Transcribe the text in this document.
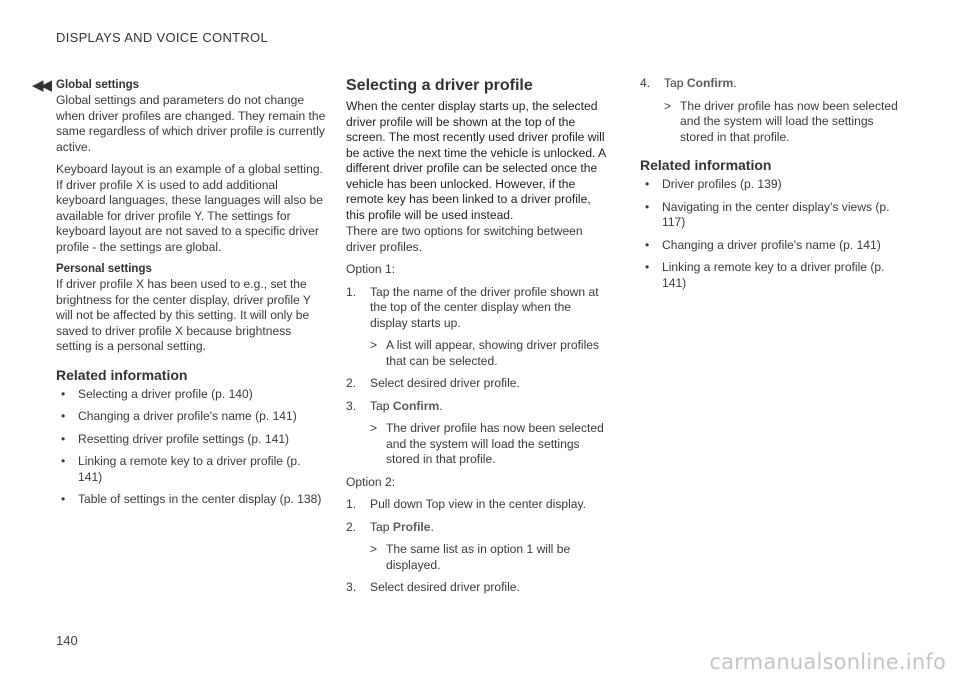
DISPLAYS AND VOICE CONTROL
◀◀ Global settings

Global settings and parameters do not change when driver profiles are changed. They remain the same regardless of which driver profile is currently active.

Keyboard layout is an example of a global setting. If driver profile X is used to add additional keyboard languages, these languages will also be available for driver profile Y. The settings for keyboard layout are not saved to a specific driver profile - the settings are global.

Personal settings

If driver profile X has been used to e.g., set the brightness for the center display, driver profile Y will not be affected by this setting. It will only be saved to driver profile X because brightness setting is a personal setting.

Related information
• Selecting a driver profile (p. 140)
• Changing a driver profile's name (p. 141)
• Resetting driver profile settings (p. 141)
• Linking a remote key to a driver profile (p. 141)
• Table of settings in the center display (p. 138)
Selecting a driver profile

When the center display starts up, the selected driver profile will be shown at the top of the screen. The most recently used driver profile will be active the next time the vehicle is unlocked. A different driver profile can be selected once the vehicle has been unlocked. However, if the remote key has been linked to a driver profile, this profile will be used instead.

There are two options for switching between driver profiles.

Option 1:

1. Tap the name of the driver profile shown at the top of the center display when the display starts up.
> A list will appear, showing driver profiles that can be selected.
2. Select desired driver profile.
3. Tap Confirm.
> The driver profile has now been selected and the system will load the settings stored in that profile.

Option 2:

1. Pull down Top view in the center display.
2. Tap Profile.
> The same list as in option 1 will be displayed.
3. Select desired driver profile.
4. Tap Confirm.
> The driver profile has now been selected and the system will load the settings stored in that profile.
Related information
• Driver profiles (p. 139)
• Navigating in the center display's views (p. 117)
• Changing a driver profile's name (p. 141)
• Linking a remote key to a driver profile (p. 141)
140
carmanualsonline.info
